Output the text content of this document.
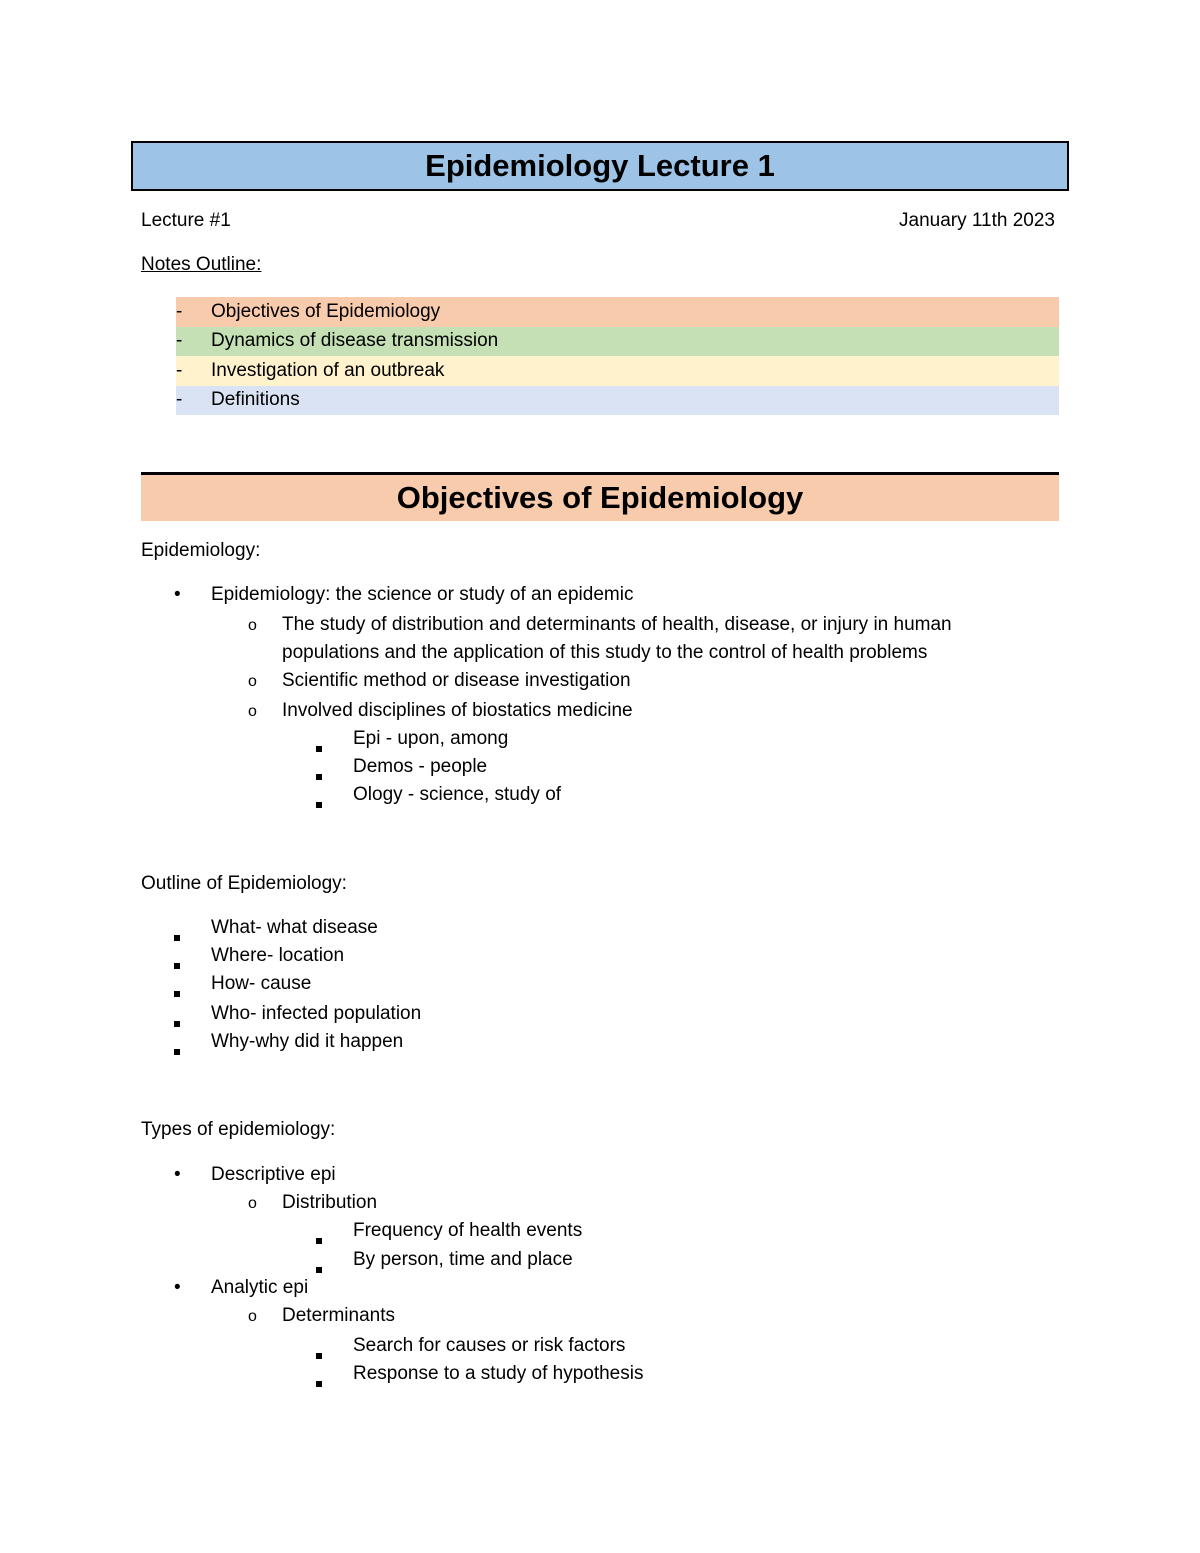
Epidemiology Lecture 1
Lecture #1	January 11th 2023
Notes Outline:
-	Objectives of Epidemiology
-	Dynamics of disease transmission
-	Investigation of an outbreak
-	Definitions
Objectives of Epidemiology
Epidemiology:
• Epidemiology: the science or study of an epidemic
o The study of distribution and determinants of health, disease, or injury in human
populations and the application of this study to the control of health problems
o Scientific method or disease investigation
o Involved disciplines of biostatics medicine
Epi - upon, among
Demos - people
Ology - science, study of
Outline of Epidemiology:
What- what disease
Where- location
How- cause
Who- infected population
Why-why did it happen
Types of epidemiology:
• Descriptive epi
o Distribution
Frequency of health events
By person, time and place
• Analytic epi
o Determinants
Search for causes or risk factors
Response to a study of hypothesis
